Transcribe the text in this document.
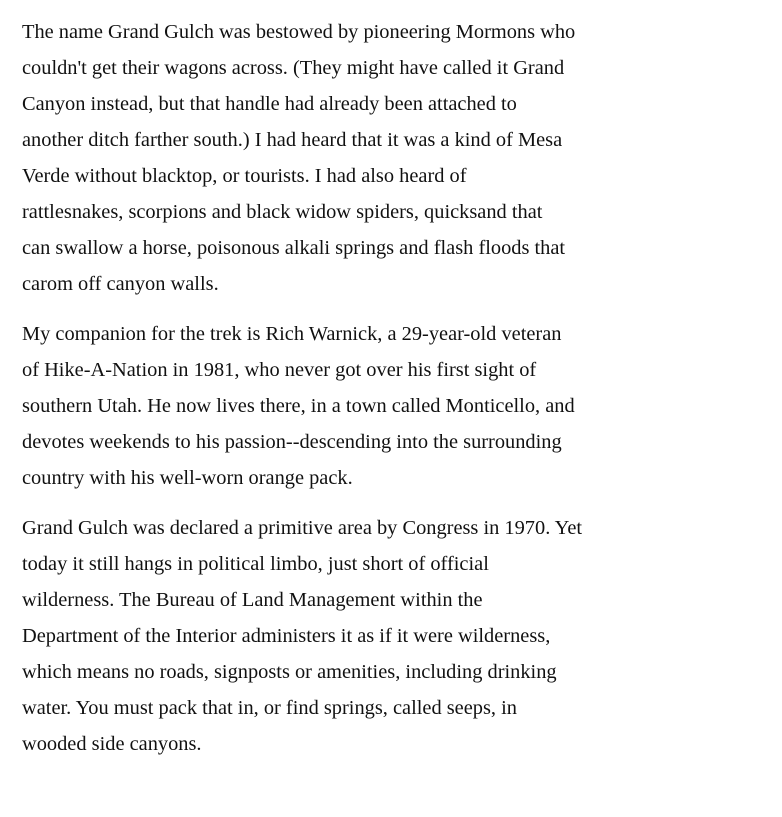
The name Grand Gulch was bestowed by pioneering Mormons who
couldn't get their wagons across. (They might have called it Grand
Canyon instead, but that handle had already been attached to
another ditch farther south.) I had heard that it was a kind of Mesa
Verde without blacktop, or tourists. I had also heard of
rattlesnakes, scorpions and black widow spiders, quicksand that
can swallow a horse, poisonous alkali springs and flash floods that
carom off canyon walls.

My companion for the trek is Rich Warnick, a 29-year-old veteran
of Hike-A-Nation in 1981, who never got over his first sight of
southern Utah. He now lives there, in a town called Monticello, and
devotes weekends to his passion--descending into the surrounding
country with his well-worn orange pack.

Grand Gulch was declared a primitive area by Congress in 1970. Yet
today it still hangs in political limbo, just short of official
wilderness. The Bureau of Land Management within the
Department of the Interior administers it as if it were wilderness,
which means no roads, signposts or amenities, including drinking
water. You must pack that in, or find springs, called seeps, in
wooded side canyons.
